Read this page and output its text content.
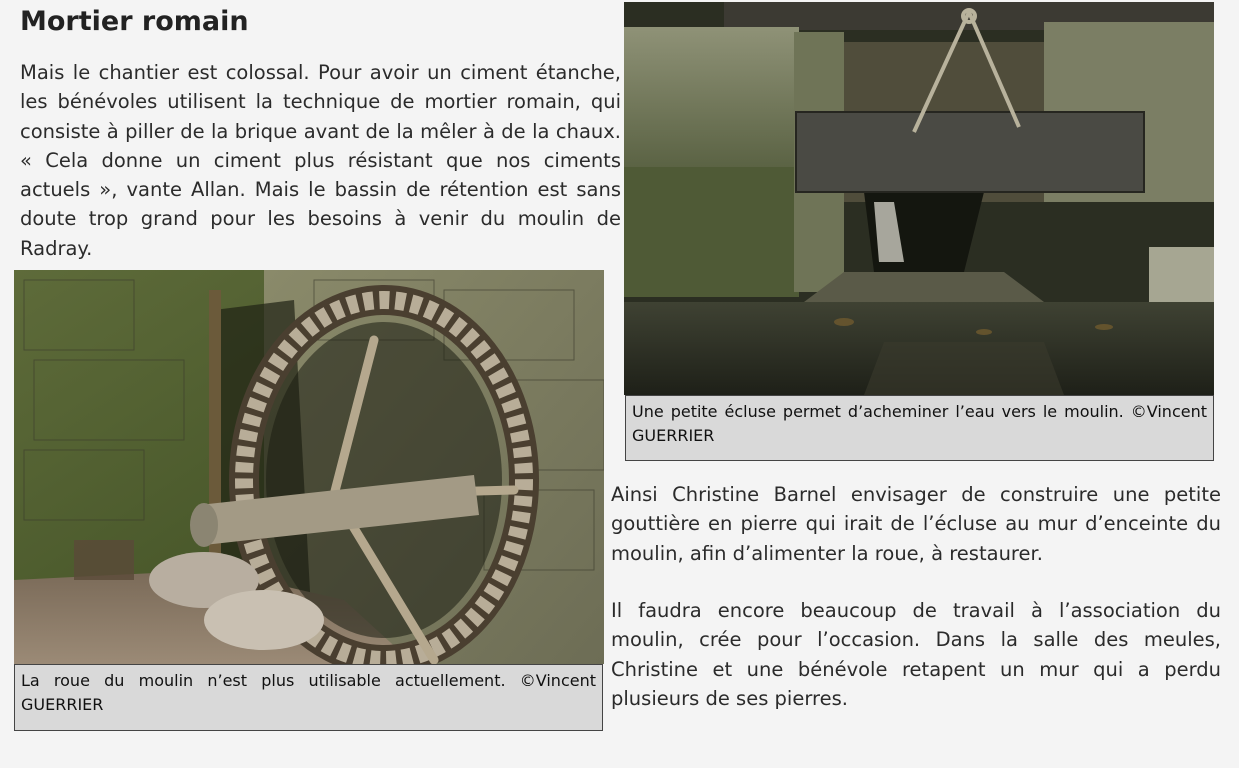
Mortier romain

Mais le chantier est colossal. Pour avoir un ciment étanche, les bénévoles utilisent la technique de mortier romain, qui consiste à piller de la brique avant de la mêler à de la chaux. « Cela donne un ciment plus résistant que nos ciments actuels », vante Allan. Mais le bassin de rétention est sans doute trop grand pour les besoins à venir du moulin de Radray.

La roue du moulin n’est plus utilisable actuellement. ©Vincent GUERRIER
Une petite écluse permet d’acheminer l’eau vers le moulin. ©Vincent GUERRIER

Ainsi Christine Barnel envisager de construire une petite gouttière en pierre qui irait de l’écluse au mur d’enceinte du moulin, afin d’alimenter la roue, à restaurer.

Il faudra encore beaucoup de travail à l’association du moulin, crée pour l’occasion. Dans la salle des meules, Christine et une bénévole retapent un mur qui a perdu plusieurs de ses pierres.
